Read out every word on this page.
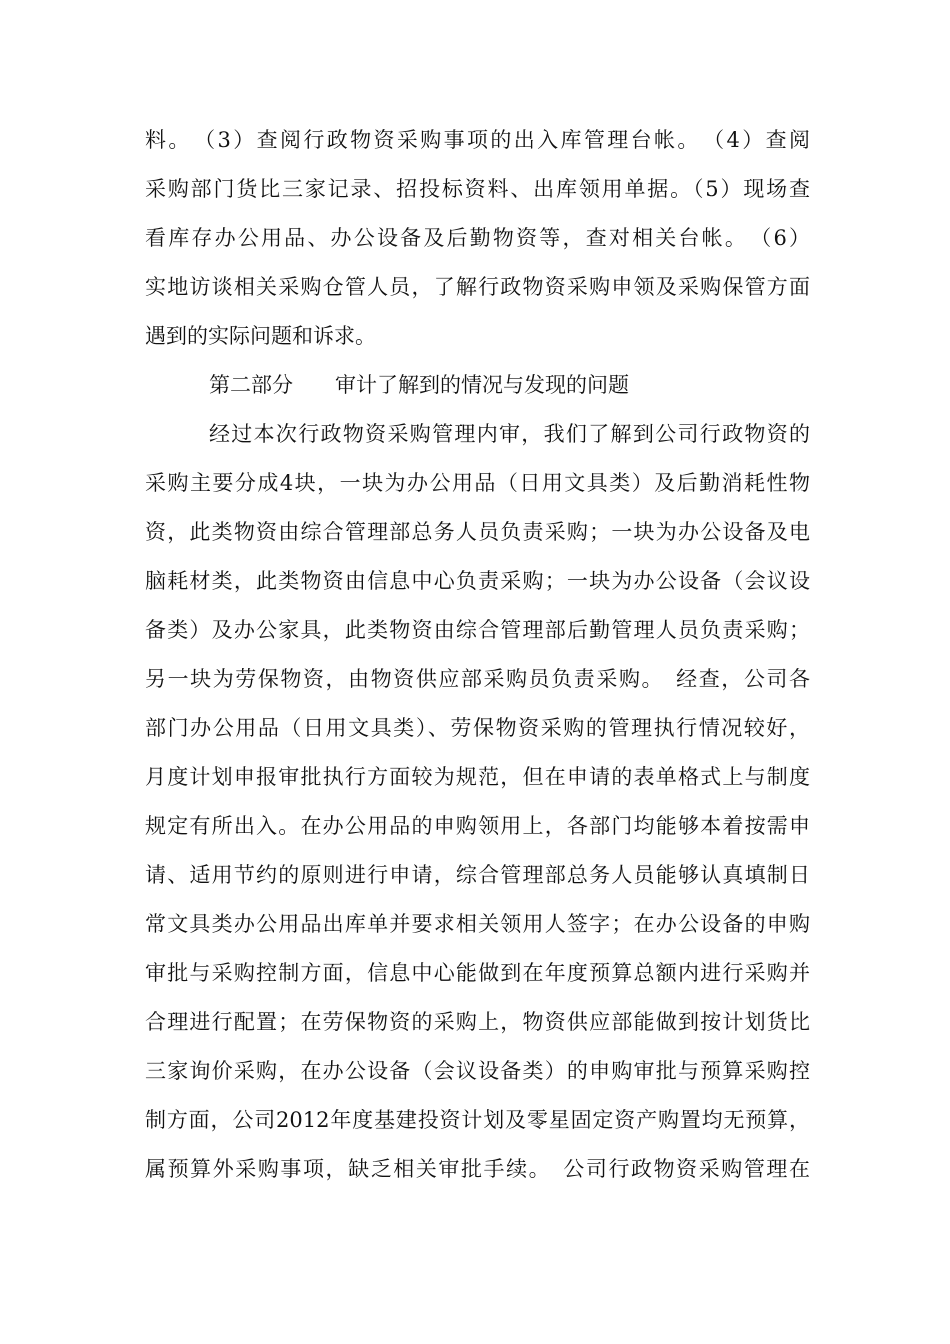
料。　（3）查阅行政物资采购事项的出入库管理台帐。　（4）查阅
采购部门货比三家记录、招投标资料、出库领用单据。（5）现场查
看库存办公用品、办公设备及后勤物资等，查对相关台帐。　（6）
实地访谈相关采购仓管人员，了解行政物资采购申领及采购保管方面
遇到的实际问题和诉求。
第二部分　　审计了解到的情况与发现的问题
经过本次行政物资采购管理内审，我们了解到公司行政物资的
采购主要分成4块，一块为办公用品（日用文具类）及后勤消耗性物
资，此类物资由综合管理部总务人员负责采购；一块为办公设备及电
脑耗材类，此类物资由信息中心负责采购；一块为办公设备（会议设
备类）及办公家具，此类物资由综合管理部后勤管理人员负责采购；
另一块为劳保物资，由物资供应部采购员负责采购。　经查，公司各
部门办公用品（日用文具类）、劳保物资采购的管理执行情况较好，
月度计划申报审批执行方面较为规范，但在申请的表单格式上与制度
规定有所出入。在办公用品的申购领用上，各部门均能够本着按需申
请、适用节约的原则进行申请，综合管理部总务人员能够认真填制日
常文具类办公用品出库单并要求相关领用人签字；在办公设备的申购
审批与采购控制方面，信息中心能做到在年度预算总额内进行采购并
合理进行配置；在劳保物资的采购上，物资供应部能做到按计划货比
三家询价采购，在办公设备（会议设备类）的申购审批与预算采购控
制方面，公司2012年度基建投资计划及零星固定资产购置均无预算，
属预算外采购事项，缺乏相关审批手续。　公司行政物资采购管理在
